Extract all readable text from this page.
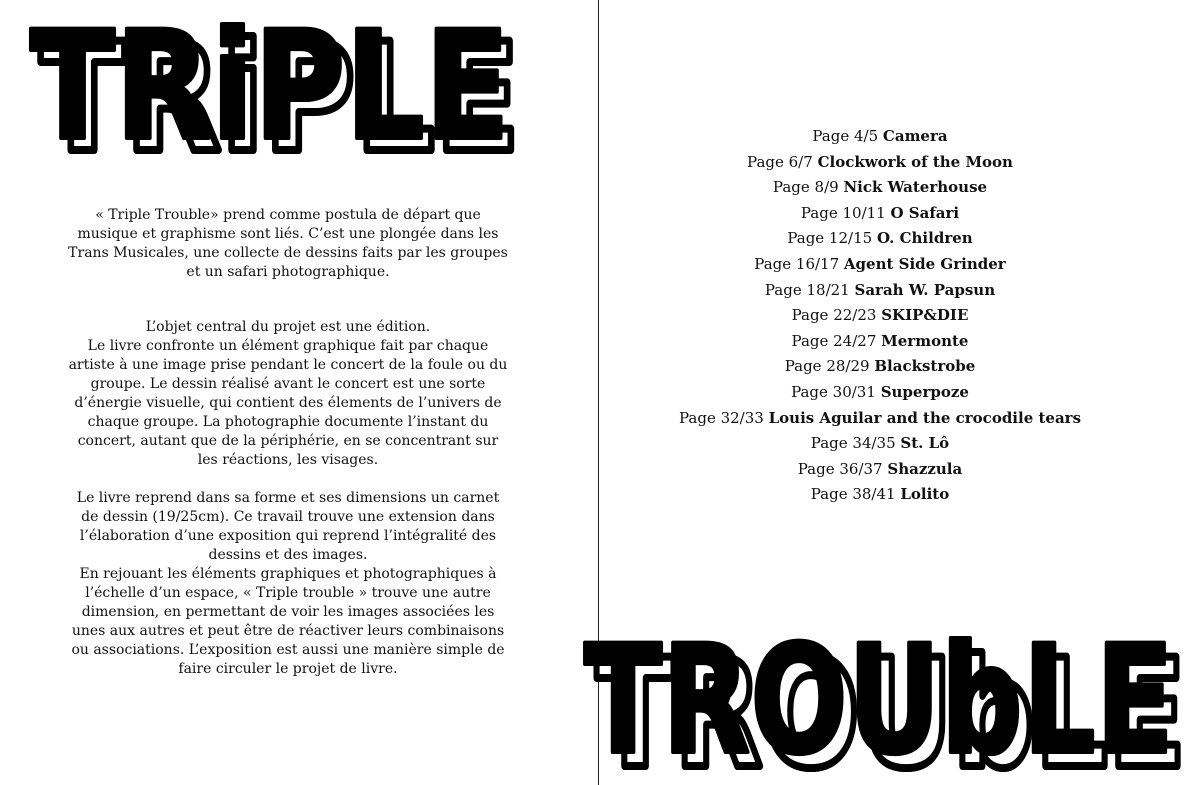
TRiPLE
TRiPLE

« Triple Trouble» prend comme postula de départ que musique et graphisme sont liés. C’est une plongée dans les Trans Musicales, une collecte de dessins faits par les groupes et un safari photographique.

L’objet central du projet est une édition.

Le livre confronte un élément graphique fait par chaque artiste à une image prise pendant le concert de la foule ou du groupe. Le dessin réalisé avant le concert est une sorte d’énergie visuelle, qui contient des élements de l’univers de chaque groupe. La photographie documente l’instant du concert, autant que de la périphérie, en se concentrant sur les réactions, les visages.

Le livre reprend dans sa forme et ses dimensions un carnet de dessin (19/25cm). Ce travail trouve une extension dans l’élaboration d’une exposition qui reprend l’intégralité des dessins et des images.

En rejouant les éléments graphiques et photographiques à l’échelle d’un espace, « Triple trouble » trouve une autre dimension, en permettant de voir les images associées les unes aux autres et peut être de réactiver leurs combinaisons ou associations. L’exposition est aussi une manière simple de faire circuler le projet de livre.

Page 4/5 Camera
Page 6/7 Clockwork of the Moon
Page 8/9 Nick Waterhouse
Page 10/11 O Safari
Page 12/15 O. Children
Page 16/17 Agent Side Grinder
Page 18/21 Sarah W. Papsun
Page 22/23 SKIP&DIE
Page 24/27 Mermonte
Page 28/29 Blackstrobe
Page 30/31 Superpoze
Page 32/33 Louis Aguilar and the crocodile tears
Page 34/35 St. Lô
Page 36/37 Shazzula
Page 38/41 Lolito
TROUbLE
TROUbLE
